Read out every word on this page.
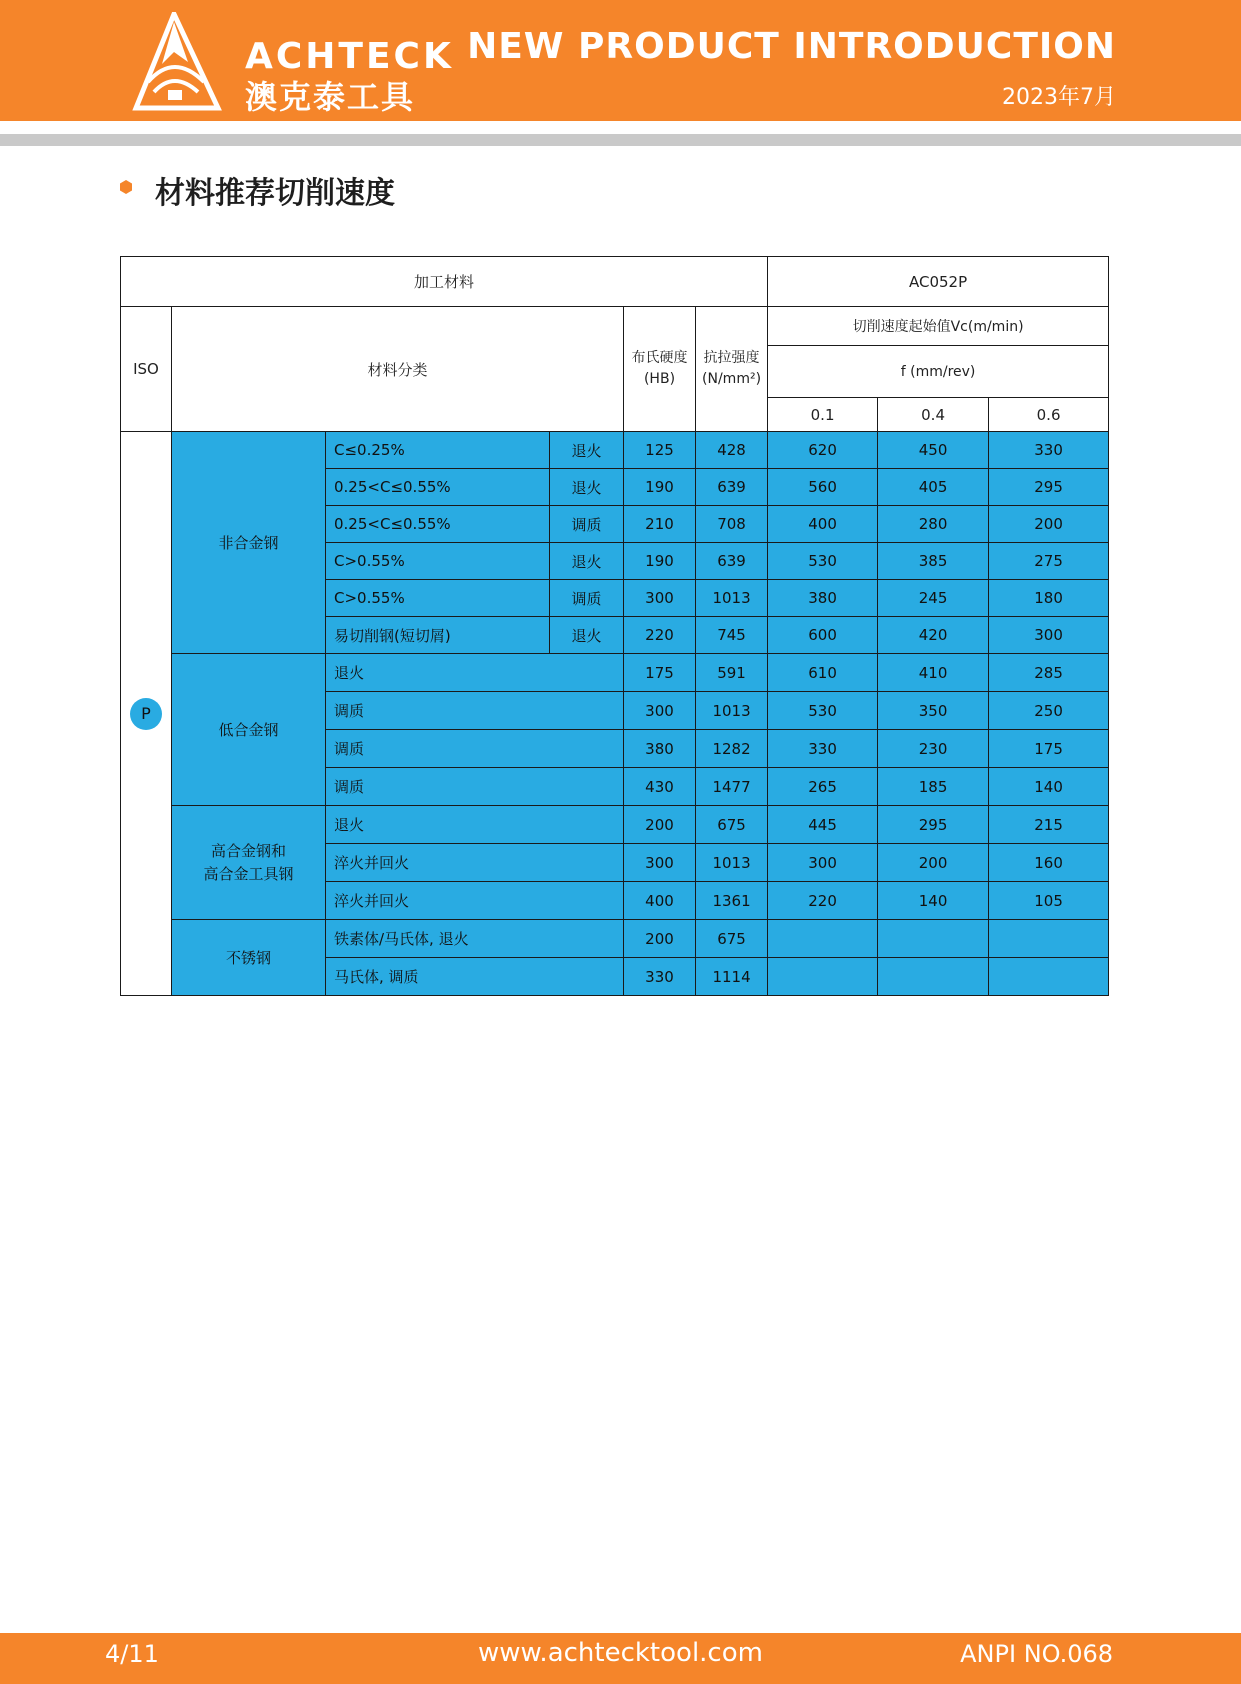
ACHTECK
澳克泰工具
NEW PRODUCT INTRODUCTION
2023年7月
材料推荐切削速度
加工材料						AC052P		
ISO	材料分类			布氏硬度
(HB)	抗拉强度
(N/mm²)	切削速度起始值Vc(m/min)		
						f (mm/rev)		
						0.1	0.4	0.6
P	非合金钢	C≤0.25%	退火	125	428	620	450	330
		0.25<C≤0.55%	退火	190	639	560	405	295
		0.25<C≤0.55%	调质	210	708	400	280	200
		C>0.55%	退火	190	639	530	385	275
		C>0.55%	调质	300	1013	380	245	180
		易切削钢(短切屑)	退火	220	745	600	420	300
	低合金钢	退火		175	591	610	410	285
		调质		300	1013	530	350	250
		调质		380	1282	330	230	175
		调质		430	1477	265	185	140
	高合金钢和
高合金工具钢	退火		200	675	445	295	215
		淬火并回火		300	1013	300	200	160
		淬火并回火		400	1361	220	140	105
	不锈钢	铁素体/马氏体, 退火		200	675			
		马氏体, 调质		330	1114			
4/11	www.achtecktool.com	ANPI NO.068
